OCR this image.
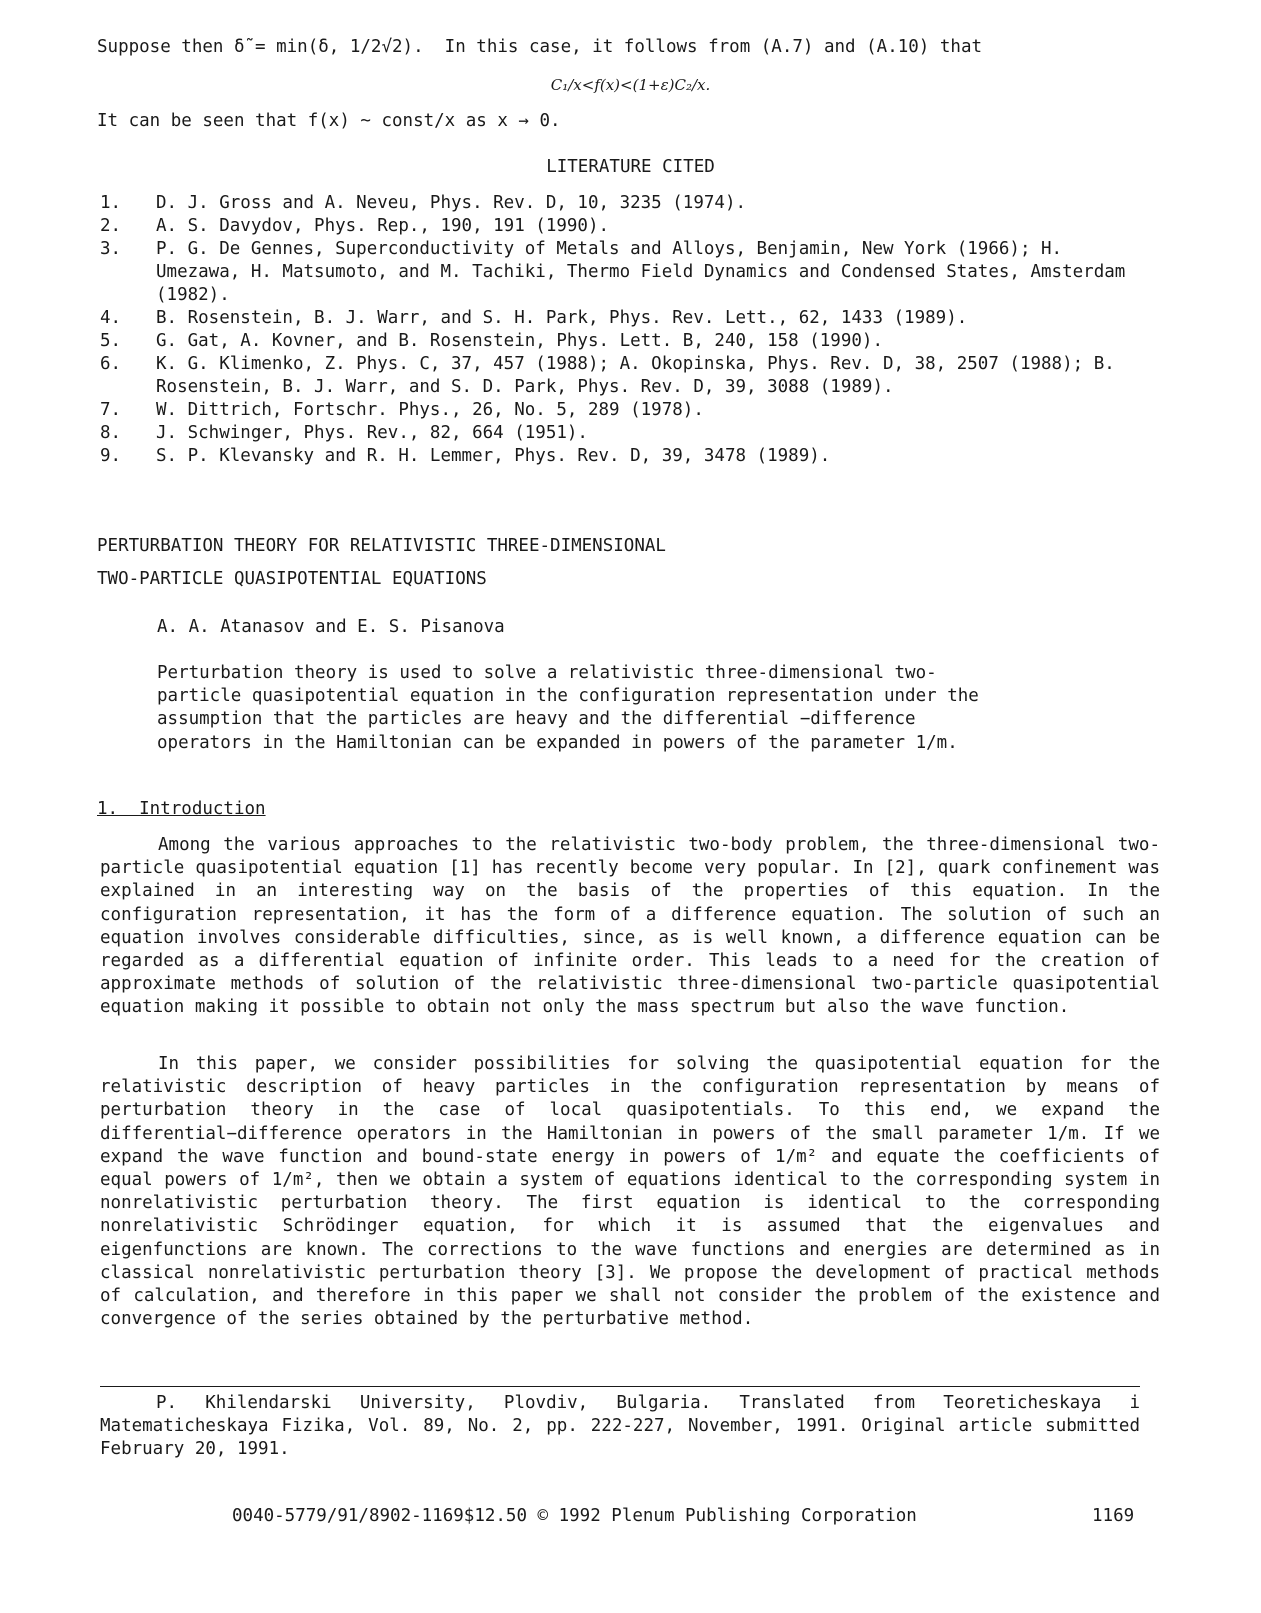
Suppose then δ̃ = min(δ, 1/2√2).  In this case, it follows from (A.7) and (A.10) that
C₁/x<f(x)<(1+ε)C₂/x.
It can be seen that f(x) ~ const/x as x → 0.
LITERATURE CITED
1. D. J. Gross and A. Neveu, Phys. Rev. D, 10, 3235 (1974).
2. A. S. Davydov, Phys. Rep., 190, 191 (1990).
3. P. G. De Gennes, Superconductivity of Metals and Alloys, Benjamin, New York (1966); H. Umezawa, H. Matsumoto, and M. Tachiki, Thermo Field Dynamics and Condensed States, Amsterdam (1982).
4. B. Rosenstein, B. J. Warr, and S. H. Park, Phys. Rev. Lett., 62, 1433 (1989).
5. G. Gat, A. Kovner, and B. Rosenstein, Phys. Lett. B, 240, 158 (1990).
6. K. G. Klimenko, Z. Phys. C, 37, 457 (1988); A. Okopinska, Phys. Rev. D, 38, 2507 (1988); B. Rosenstein, B. J. Warr, and S. D. Park, Phys. Rev. D, 39, 3088 (1989).
7. W. Dittrich, Fortschr. Phys., 26, No. 5, 289 (1978).
8. J. Schwinger, Phys. Rev., 82, 664 (1951).
9. S. P. Klevansky and R. H. Lemmer, Phys. Rev. D, 39, 3478 (1989).
PERTURBATION THEORY FOR RELATIVISTIC THREE-DIMENSIONAL
TWO-PARTICLE QUASIPOTENTIAL EQUATIONS
A. A. Atanasov and E. S. Pisanova
Perturbation theory is used to solve a relativistic three-dimensional two-particle quasipotential equation in the configuration representation under the assumption that the particles are heavy and the differential −difference operators in the Hamiltonian can be expanded in powers of the parameter 1/m.
1.  Introduction
Among the various approaches to the relativistic two-body problem, the three-dimensional two-particle quasipotential equation [1] has recently become very popular. In [2], quark confinement was explained in an interesting way on the basis of the properties of this equation. In the configuration representation, it has the form of a difference equation. The solution of such an equation involves considerable difficulties, since, as is well known, a difference equation can be regarded as a differential equation of infinite order. This leads to a need for the creation of approximate methods of solution of the relativistic three-dimensional two-particle quasipotential equation making it possible to obtain not only the mass spectrum but also the wave function.
In this paper, we consider possibilities for solving the quasipotential equation for the relativistic description of heavy particles in the configuration representation by means of perturbation theory in the case of local quasipotentials. To this end, we expand the differential−difference operators in the Hamiltonian in powers of the small parameter 1/m. If we expand the wave function and bound-state energy in powers of 1/m² and equate the coefficients of equal powers of 1/m², then we obtain a system of equations identical to the corresponding system in nonrelativistic perturbation theory. The first equation is identical to the corresponding nonrelativistic Schrödinger equation, for which it is assumed that the eigenvalues and eigenfunctions are known. The corrections to the wave functions and energies are determined as in classical nonrelativistic perturbation theory [3]. We propose the development of practical methods of calculation, and therefore in this paper we shall not consider the problem of the existence and convergence of the series obtained by the perturbative method.
P. Khilendarski University, Plovdiv, Bulgaria. Translated from Teoreticheskaya i Matematicheskaya Fizika, Vol. 89, No. 2, pp. 222-227, November, 1991. Original article submitted February 20, 1991.
0040-5779/91/8902-1169$12.50 © 1992 Plenum Publishing Corporation	1169
